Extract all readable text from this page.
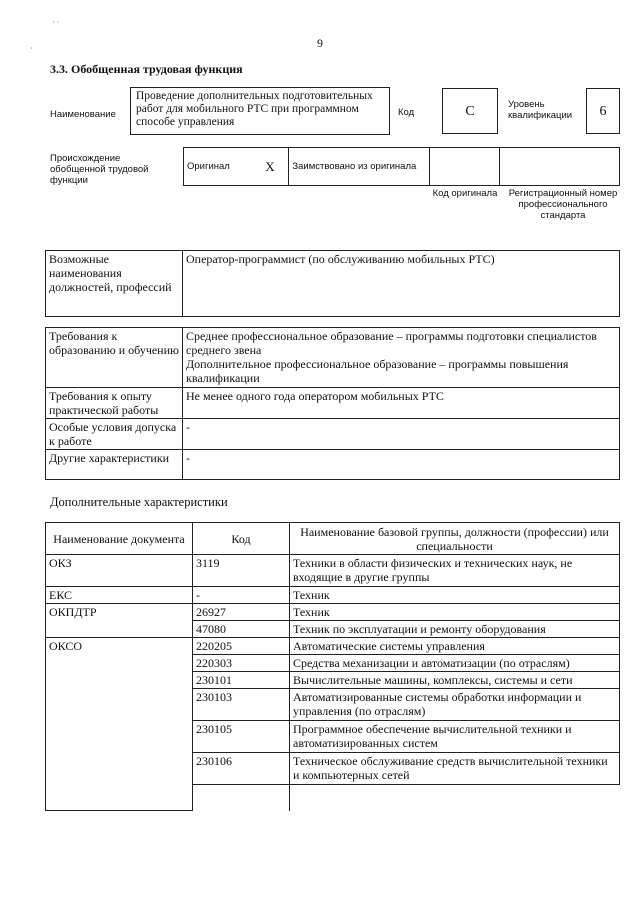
· ·
·	9
3.3. Обобщенная трудовая функция
Наименование
Проведение дополнительных подготовительных работ для мобильного РТС при программном способе управления
Код	C	Уровень квалификации	6
Происхождение обобщенной трудовой функции
Оригинал	X	Заимствовано из оригинала		
Код оригинала Регистрационный номер профессионального стандарта
Возможные наименования должностей, профессий	Оператор-программист (по обслуживанию мобильных РТС)
Требования к образованию и обучению	Среднее профессиональное образование – программы подготовки специалистов среднего звена
Дополнительное профессиональное образование – программы повышения квалификации
Требования к опыту практической работы	Не менее одного года оператором мобильных РТС
Особые условия допуска к работе	-
Другие характеристики	-
Дополнительные характеристики
Наименование документа	Код	Наименование базовой группы, должности (профессии) или специальности
ОКЗ	3119	Техники в области физических и технических наук, не входящие в другие группы
ЕКС	-	Техник
ОКПДТР	26927	Техник
	47080	Техник по эксплуатации и ремонту оборудования
ОКСО	220205	Автоматические системы управления
	220303	Средства механизации и автоматизации (по отраслям)
	230101	Вычислительные машины, комплексы, системы и сети
	230103	Автоматизированные системы обработки информации и управления (по отраслям)
	230105	Программное обеспечение вычислительной техники и автоматизированных систем
	230106	Техническое обслуживание средств вычислительной техники и компьютерных сетей
